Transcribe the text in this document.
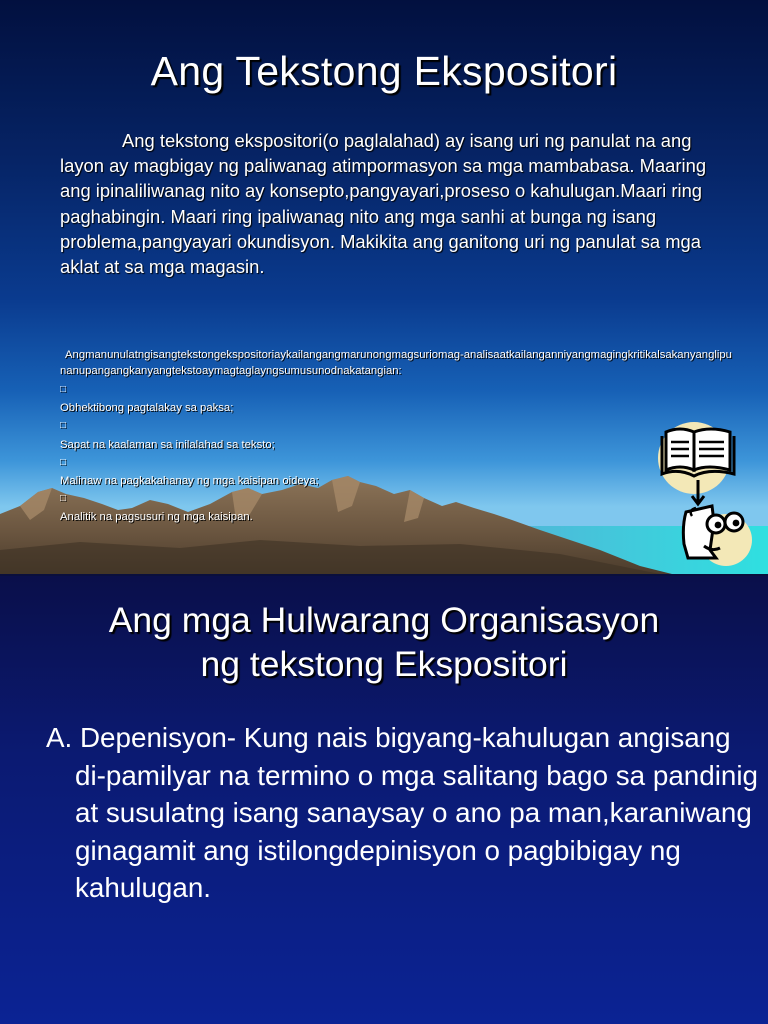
Ang Tekstong Ekspositori
Ang tekstong ekspositori(o paglalahad) ay isang uri ng panulat na ang layon ay magbigay ng paliwanag atimpormasyon sa mga mambabasa. Maaring ang ipinaliliwanag nito ay konsepto,pangyayari,proseso o kahulugan.Maari ring paghabingin. Maari ring ipaliwanag nito ang mga sanhi at bunga ng isang problema,pangyayari okundisyon. Makikita ang ganitong uri ng panulat sa mga aklat at sa mga magasin.
Angmanunulatngisangtekstongekspositoriaykailangangmarunongmagsuriomag-analisaatkailanganniyangmagingkritikalsakanyanglipunanupangangkanyangtekstoaymagtaglayngsumusunodnakatangian:
□
Obhektibong pagtalakay sa paksa;
□
Sapat na kaalaman sa inilalahad sa teksto;
□
Malinaw na pagkakahanay ng mga kaisipan oideya;
□
Analitik na pagsusuri ng mga kaisipan.
Ang mga Hulwarang Organisasyon
ng tekstong Ekspositori
A. Depenisyon- Kung nais bigyang-kahulugan angisang di-pamilyar na termino o mga salitang bago sa pandinig at susulatng isang sanaysay o ano pa man,karaniwang ginagamit ang istilongdepinisyon o pagbibigay ng kahulugan.
